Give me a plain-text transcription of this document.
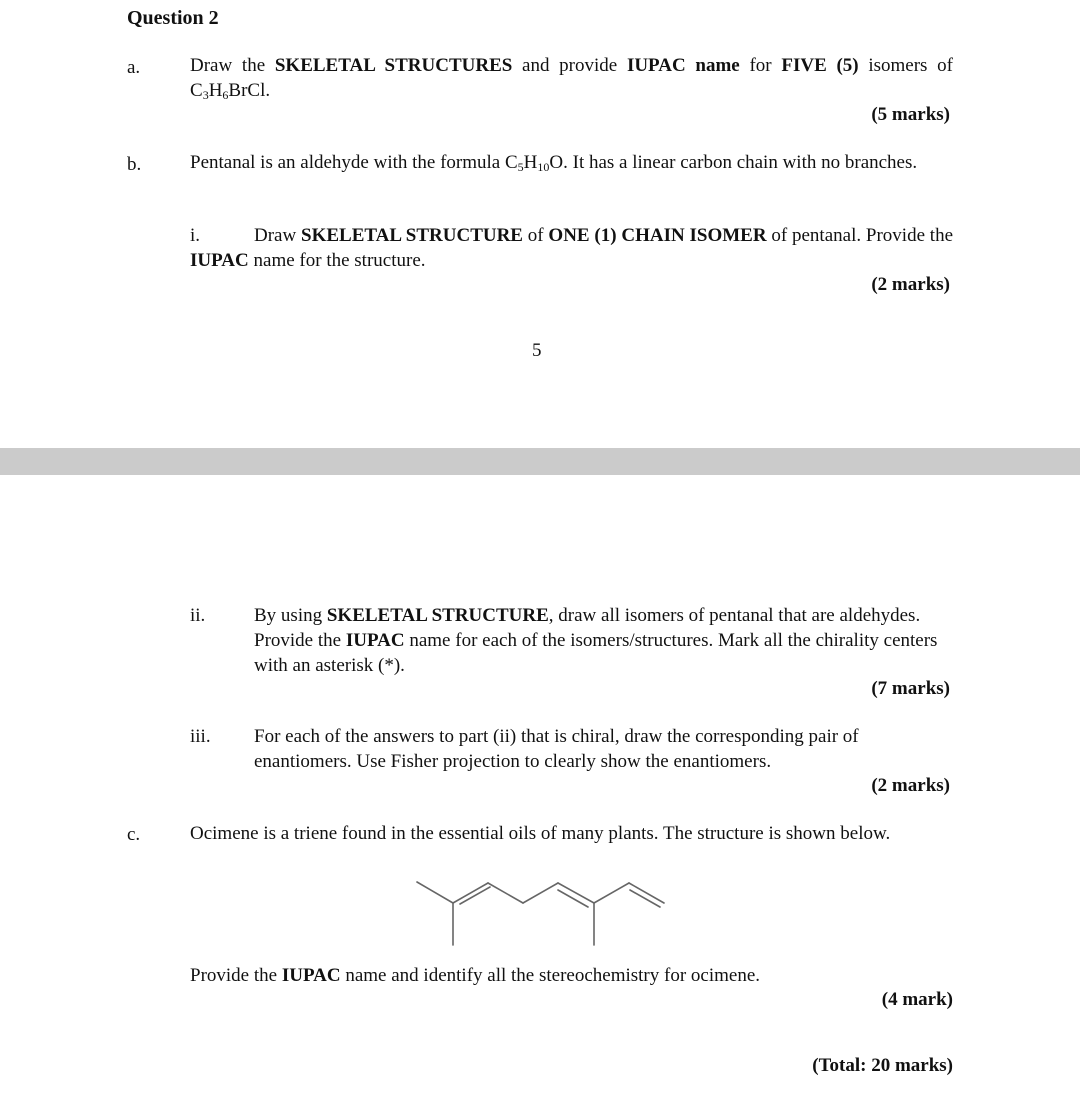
Question 2
a.	Draw the SKELETAL STRUCTURES and provide IUPAC name for FIVE (5) isomers of $C_3H_6BrCl$.
(5 marks)
b.	Pentanal is an aldehyde with the formula $C_5H_{10}O$. It has a linear carbon chain with no branches.
i.	Draw SKELETAL STRUCTURE of ONE (1) CHAIN ISOMER of pentanal. Provide the IUPAC name for the structure.
(2 marks)
5
ii.	By using SKELETAL STRUCTURE, draw all isomers of pentanal that are aldehydes. Provide the IUPAC name for each of the isomers/structures. Mark all the chirality centers with an asterisk (*).
(7 marks)
iii. For each of the answers to part (ii) that is chiral, draw the corresponding pair of enantiomers. Use Fisher projection to clearly show the enantiomers.
(2 marks)
c.	Ocimene is a triene found in the essential oils of many plants. The structure is shown below.
Provide the IUPAC name and identify all the stereochemistry for ocimene.
(4 mark)
(Total: 20 marks)
